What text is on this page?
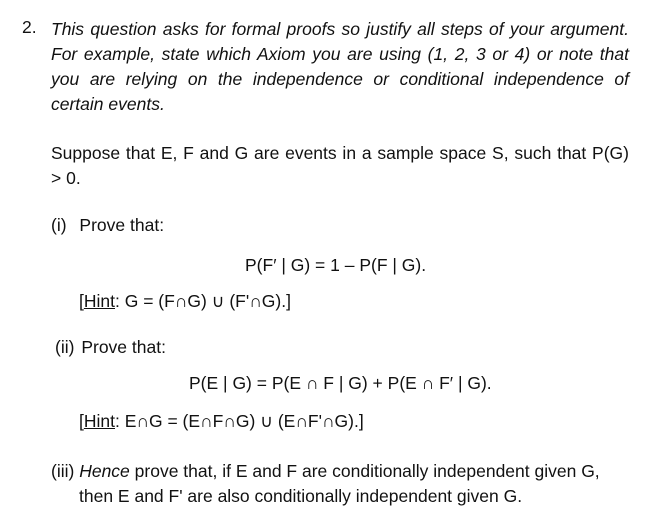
2. This question asks for formal proofs so justify all steps of your argument. For example, state which Axiom you are using (1, 2, 3 or 4) or note that you are relying on the independence or conditional independence of certain events.
Suppose that E, F and G are events in a sample space S, such that P(G) > 0.
(i) Prove that:
P(F′ | G) = 1 – P(F | G).
[Hint: G = (F∩G) ∪ (F'∩G).]
(ii) Prove that:
P(E | G) = P(E ∩ F | G) + P(E ∩ F′ | G).
[Hint: E∩G = (E∩F∩G) ∪ (E∩F'∩G).]
(iii) Hence prove that, if E and F are conditionally independent given G,
then E and F' are also conditionally independent given G.
